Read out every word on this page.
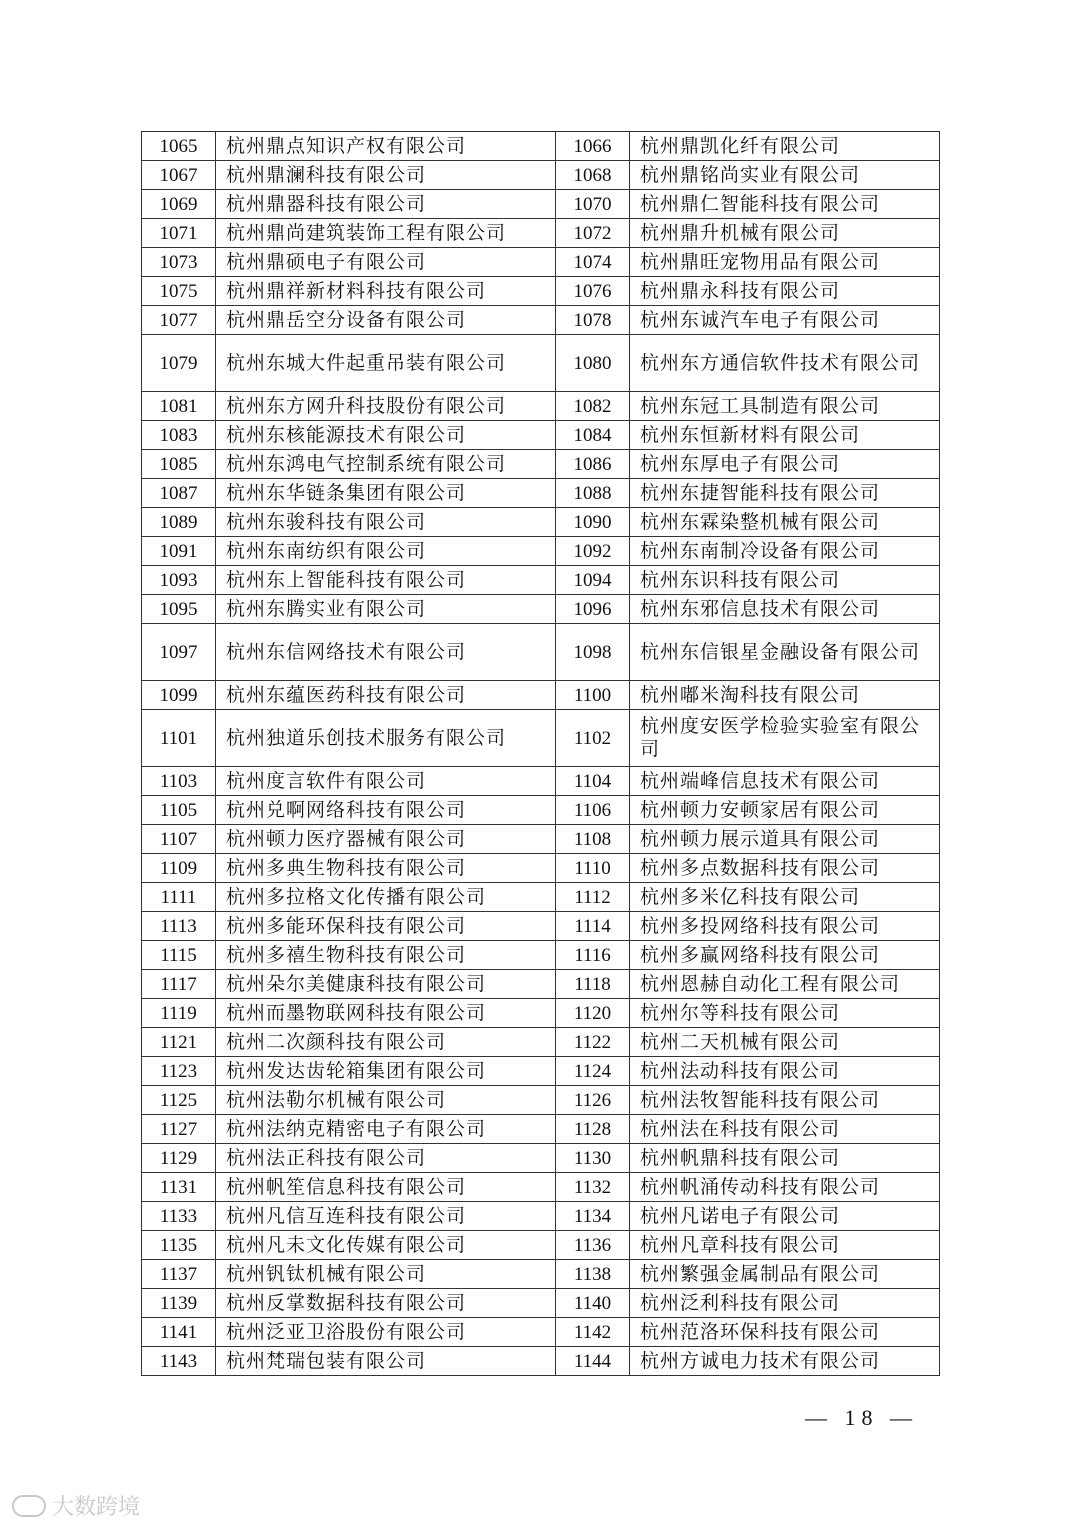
1065	杭州鼎点知识产权有限公司	1066	杭州鼎凯化纤有限公司
1067	杭州鼎澜科技有限公司	1068	杭州鼎铭尚实业有限公司
1069	杭州鼎器科技有限公司	1070	杭州鼎仁智能科技有限公司
1071	杭州鼎尚建筑装饰工程有限公司	1072	杭州鼎升机械有限公司
1073	杭州鼎硕电子有限公司	1074	杭州鼎旺宠物用品有限公司
1075	杭州鼎祥新材料科技有限公司	1076	杭州鼎永科技有限公司
1077	杭州鼎岳空分设备有限公司	1078	杭州东诚汽车电子有限公司
1079	杭州东城大件起重吊装有限公司	1080	杭州东方通信软件技术有限公司
1081	杭州东方网升科技股份有限公司	1082	杭州东冠工具制造有限公司
1083	杭州东核能源技术有限公司	1084	杭州东恒新材料有限公司
1085	杭州东鸿电气控制系统有限公司	1086	杭州东厚电子有限公司
1087	杭州东华链条集团有限公司	1088	杭州东捷智能科技有限公司
1089	杭州东骏科技有限公司	1090	杭州东霖染整机械有限公司
1091	杭州东南纺织有限公司	1092	杭州东南制冷设备有限公司
1093	杭州东上智能科技有限公司	1094	杭州东识科技有限公司
1095	杭州东腾实业有限公司	1096	杭州东邪信息技术有限公司
1097	杭州东信网络技术有限公司	1098	杭州东信银星金融设备有限公司
1099	杭州东蕴医药科技有限公司	1100	杭州嘟米淘科技有限公司
1101	杭州独道乐创技术服务有限公司	1102	杭州度安医学检验实验室有限公司
1103	杭州度言软件有限公司	1104	杭州端峰信息技术有限公司
1105	杭州兑啊网络科技有限公司	1106	杭州顿力安顿家居有限公司
1107	杭州顿力医疗器械有限公司	1108	杭州顿力展示道具有限公司
1109	杭州多典生物科技有限公司	1110	杭州多点数据科技有限公司
1111	杭州多拉格文化传播有限公司	1112	杭州多米亿科技有限公司
1113	杭州多能环保科技有限公司	1114	杭州多投网络科技有限公司
1115	杭州多禧生物科技有限公司	1116	杭州多赢网络科技有限公司
1117	杭州朵尔美健康科技有限公司	1118	杭州恩赫自动化工程有限公司
1119	杭州而墨物联网科技有限公司	1120	杭州尔等科技有限公司
1121	杭州二次颜科技有限公司	1122	杭州二天机械有限公司
1123	杭州发达齿轮箱集团有限公司	1124	杭州法动科技有限公司
1125	杭州法勒尔机械有限公司	1126	杭州法牧智能科技有限公司
1127	杭州法纳克精密电子有限公司	1128	杭州法在科技有限公司
1129	杭州法正科技有限公司	1130	杭州帆鼎科技有限公司
1131	杭州帆笙信息科技有限公司	1132	杭州帆涌传动科技有限公司
1133	杭州凡信互连科技有限公司	1134	杭州凡诺电子有限公司
1135	杭州凡未文化传媒有限公司	1136	杭州凡章科技有限公司
1137	杭州钒钛机械有限公司	1138	杭州繁强金属制品有限公司
1139	杭州反掌数据科技有限公司	1140	杭州泛利科技有限公司
1141	杭州泛亚卫浴股份有限公司	1142	杭州范洛环保科技有限公司
1143	杭州梵瑞包装有限公司	1144	杭州方诚电力技术有限公司
— 18 —
大数跨境
